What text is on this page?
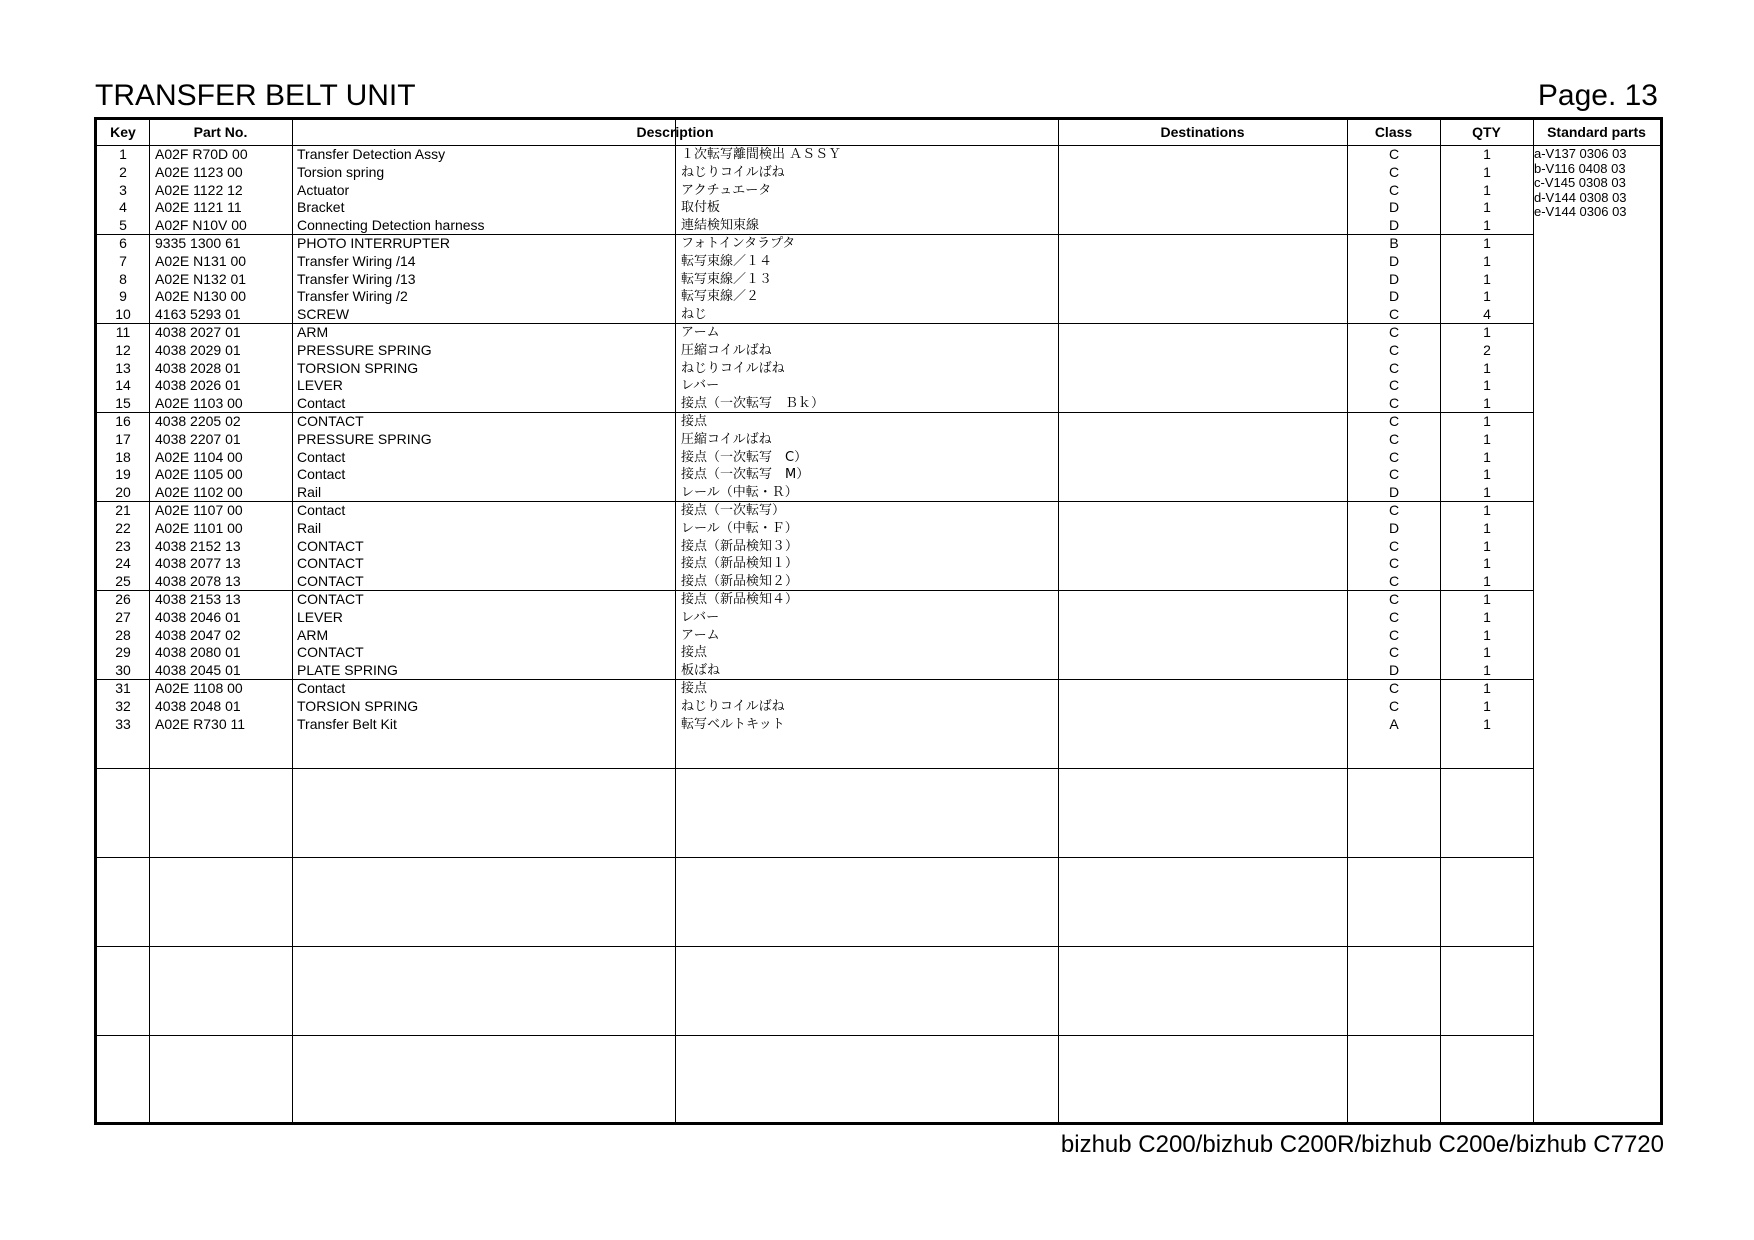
TRANSFER BELT UNIT	Page. 13
Key	Part No.	Description	Destinations	Class	QTY	Standard parts
1	A02F R70D 00	Transfer Detection Assy	１次転写離間検出 ＡＳＳＹ	C	1
2	A02E 1123 00	Torsion spring	ねじりコイルばね	C	1
3	A02E 1122 12	Actuator	アクチュエータ	C	1
4	A02E 1121 11	Bracket	取付板	D	1
5	A02F N10V 00	Connecting Detection harness	連結検知束線	D	1
6	9335 1300 61	PHOTO INTERRUPTER	フォトインタラプタ	B	1
7	A02E N131 00	Transfer Wiring /14	転写束線／１４	D	1
8	A02E N132 01	Transfer Wiring /13	転写束線／１３	D	1
9	A02E N130 00	Transfer Wiring /2	転写束線／２	D	1
10	4163 5293 01	SCREW	ねじ	C	4
11	4038 2027 01	ARM	アーム	C	1
12	4038 2029 01	PRESSURE SPRING	圧縮コイルばね	C	2
13	4038 2028 01	TORSION SPRING	ねじりコイルばね	C	1
14	4038 2026 01	LEVER	レバー	C	1
15	A02E 1103 00	Contact	接点（一次転写　Ｂｋ）	C	1
16	4038 2205 02	CONTACT	接点	C	1
17	4038 2207 01	PRESSURE SPRING	圧縮コイルばね	C	1
18	A02E 1104 00	Contact	接点（一次転写　C）	C	1
19	A02E 1105 00	Contact	接点（一次転写　M）	C	1
20	A02E 1102 00	Rail	レール（中転・Ｒ）	D	1
21	A02E 1107 00	Contact	接点（一次転写）	C	1
22	A02E 1101 00	Rail	レール（中転・Ｆ）	D	1
23	4038 2152 13	CONTACT	接点（新品検知３）	C	1
24	4038 2077 13	CONTACT	接点（新品検知１）	C	1
25	4038 2078 13	CONTACT	接点（新品検知２）	C	1
26	4038 2153 13	CONTACT	接点（新品検知４）	C	1
27	4038 2046 01	LEVER	レバー	C	1
28	4038 2047 02	ARM	アーム	C	1
29	4038 2080 01	CONTACT	接点	C	1
30	4038 2045 01	PLATE SPRING	板ばね	D	1
31	A02E 1108 00	Contact	接点	C	1
32	4038 2048 01	TORSION SPRING	ねじりコイルばね	C	1
33	A02E R730 11	Transfer Belt Kit	転写ベルトキット	A	1
a-V137 0306 03
b-V116 0408 03
c-V145 0308 03
d-V144 0308 03
e-V144 0306 03
bizhub C200/bizhub C200R/bizhub C200e/bizhub C7720
